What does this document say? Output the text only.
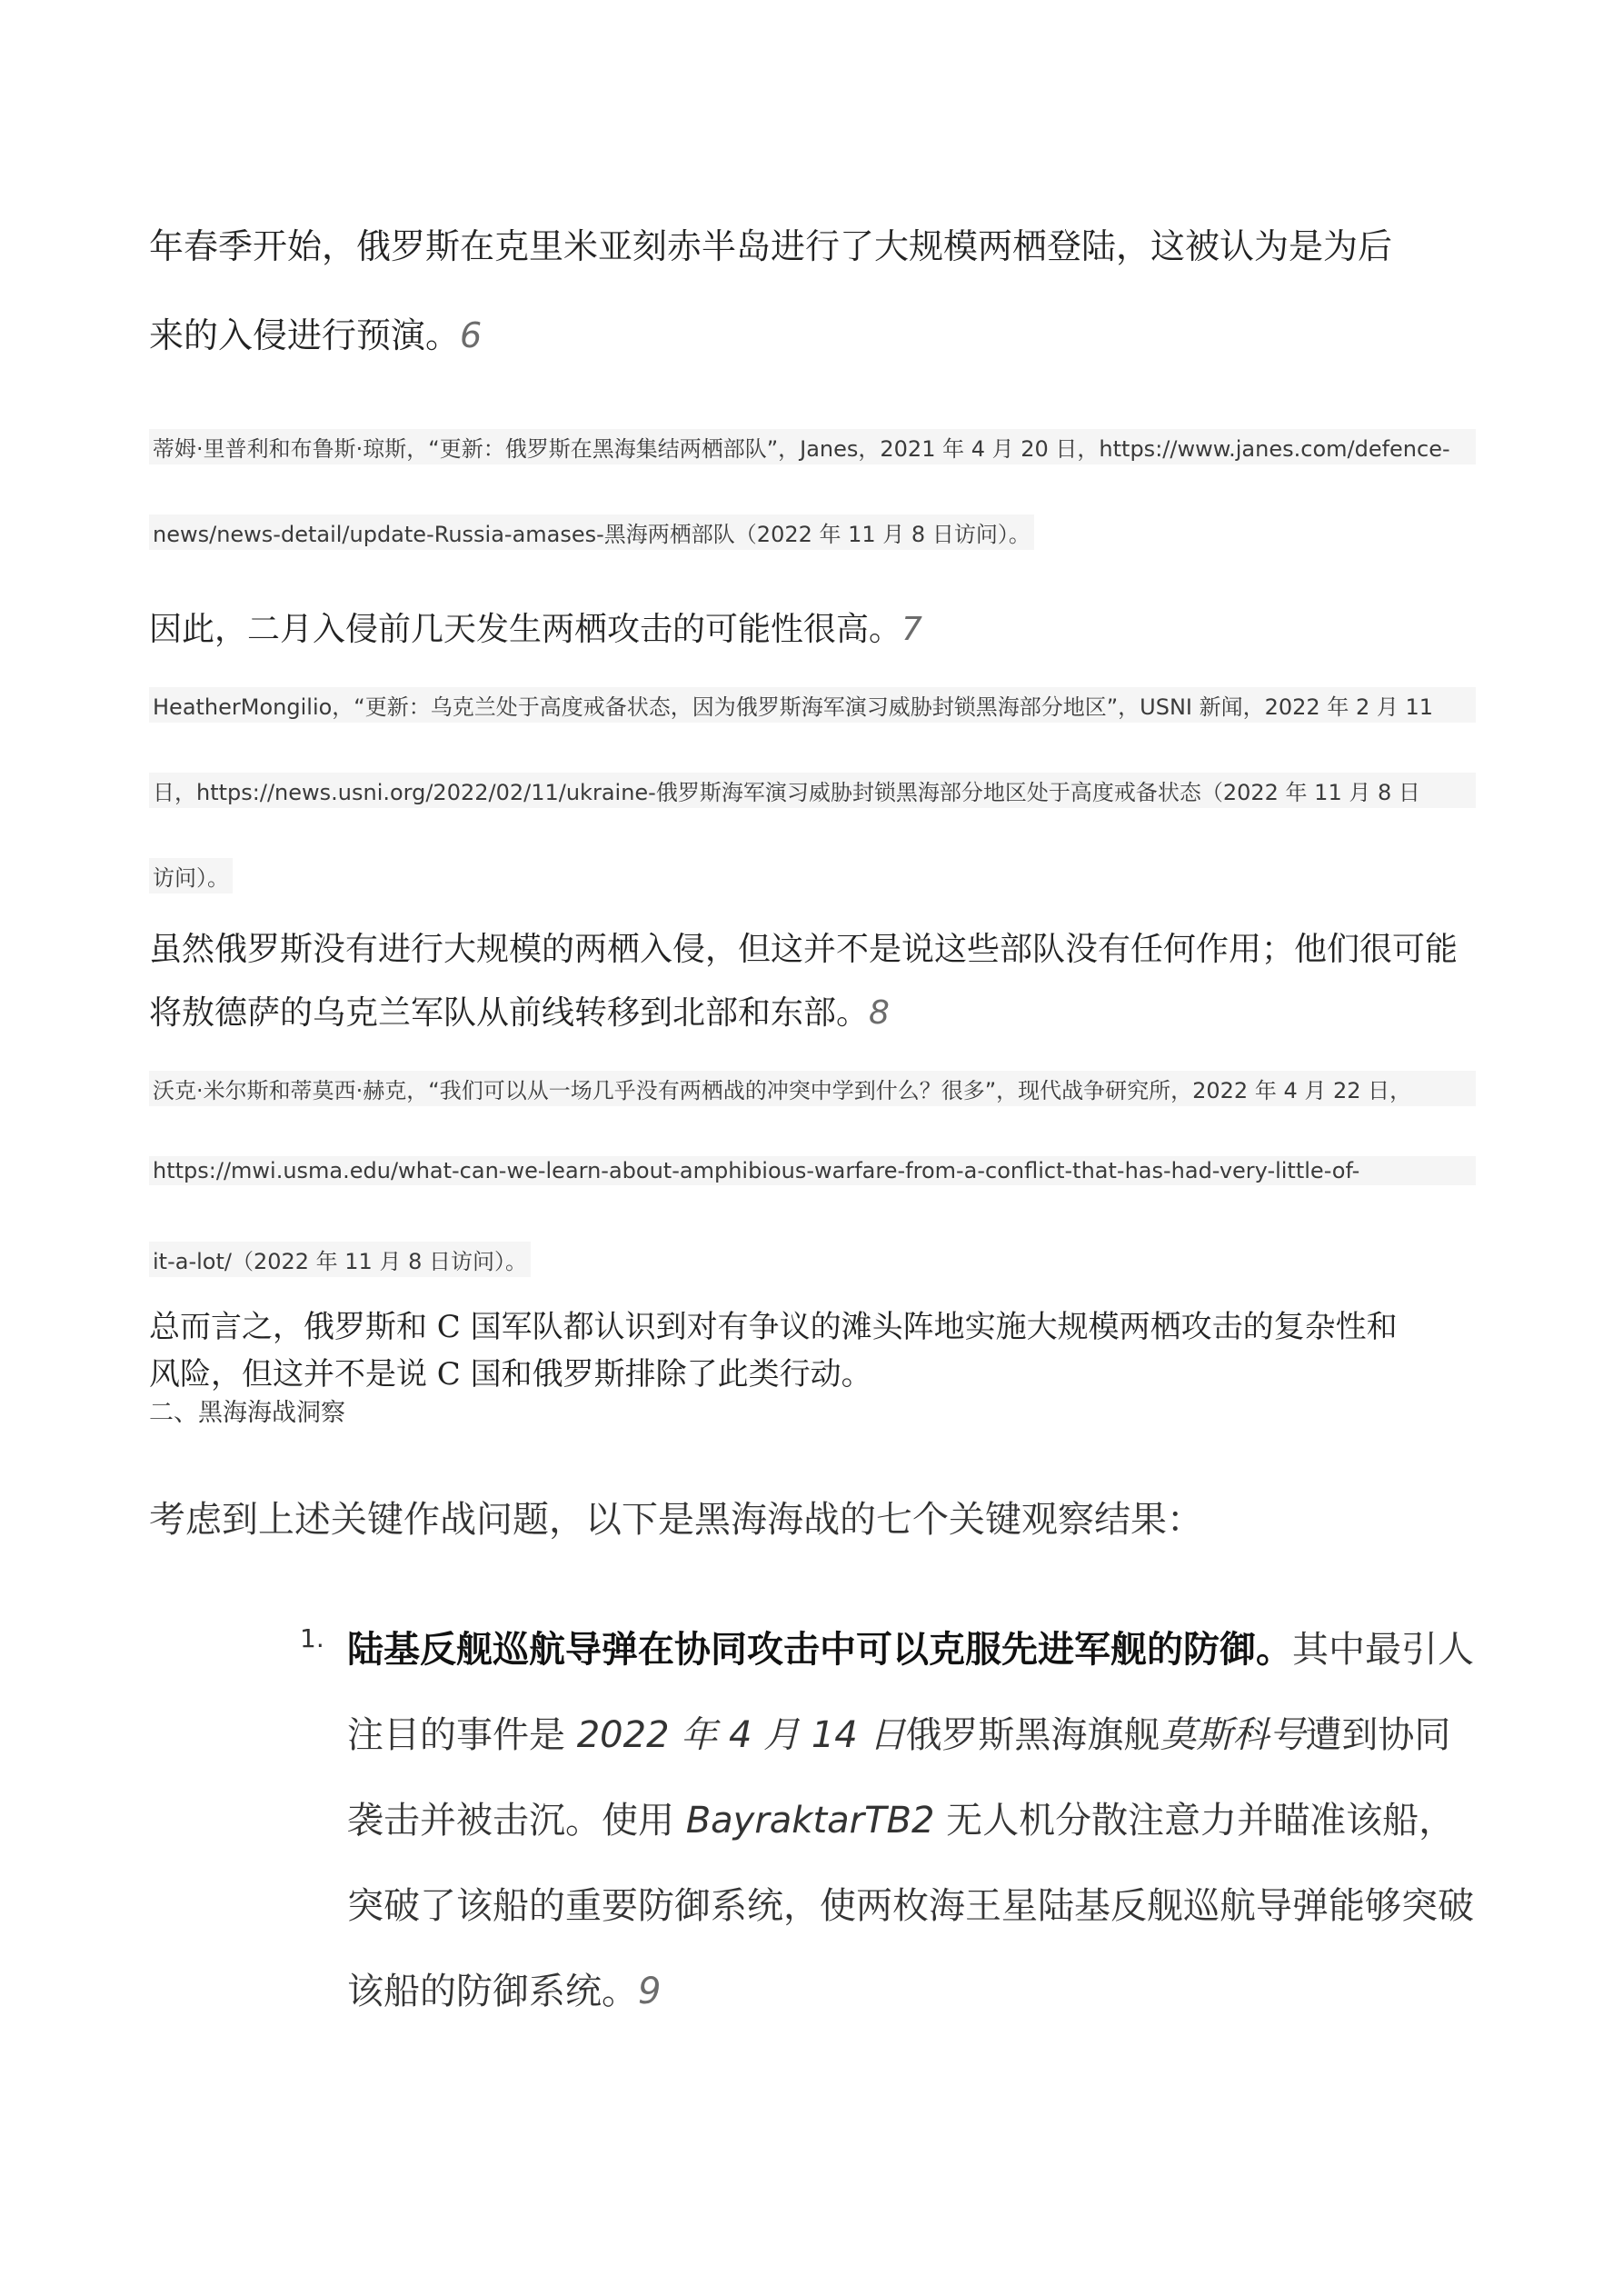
年春季开始，俄罗斯在克里米亚刻赤半岛进行了大规模两栖登陆，这被认为是为后

来的入侵进行预演。6

蒂姆·里普利和布鲁斯·琼斯，“更新：俄罗斯在黑海集结两栖部队”，Janes，2021 年 4 月 20 日，https://www.janes.com/defence-
news/news-detail/update-Russia-amases-黑海两栖部队（2022 年 11 月 8 日访问）。

因此，二月入侵前几天发生两栖攻击的可能性很高。7

HeatherMongilio，“更新：乌克兰处于高度戒备状态，因为俄罗斯海军演习威胁封锁黑海部分地区”，USNI 新闻，2022 年 2 月 11
日，https://news.usni.org/2022/02/11/ukraine-俄罗斯海军演习威胁封锁黑海部分地区处于高度戒备状态（2022 年 11 月 8 日
访问）。

虽然俄罗斯没有进行大规模的两栖入侵，但这并不是说这些部队没有任何作用；他们很可能

将敖德萨的乌克兰军队从前线转移到北部和东部。8

沃克·米尔斯和蒂莫西·赫克，“我们可以从一场几乎没有两栖战的冲突中学到什么？很多”，现代战争研究所，2022 年 4 月 22 日，
https://mwi.usma.edu/what-can-we-learn-about-amphibious-warfare-from-a-conflict-that-has-had-very-little-of-
it-a-lot/（2022 年 11 月 8 日访问）。

总而言之，俄罗斯和 C 国军队都认识到对有争议的滩头阵地实施大规模两栖攻击的复杂性和

风险，但这并不是说 C 国和俄罗斯排除了此类行动。

二、黑海海战洞察

考虑到上述关键作战问题，以下是黑海海战的七个关键观察结果：

1. 陆基反舰巡航导弹在协同攻击中可以克服先进军舰的防御。其中最引人注目的事件是 2022 年 4 月 14 日俄罗斯黑海旗舰莫斯科号遭到协同袭击并被击沉。使用 BayraktarTB2 无人机分散注意力并瞄准该船，突破了该船的重要防御系统，使两枚海王星陆基反舰巡航导弹能够突破该船的防御系统。9
